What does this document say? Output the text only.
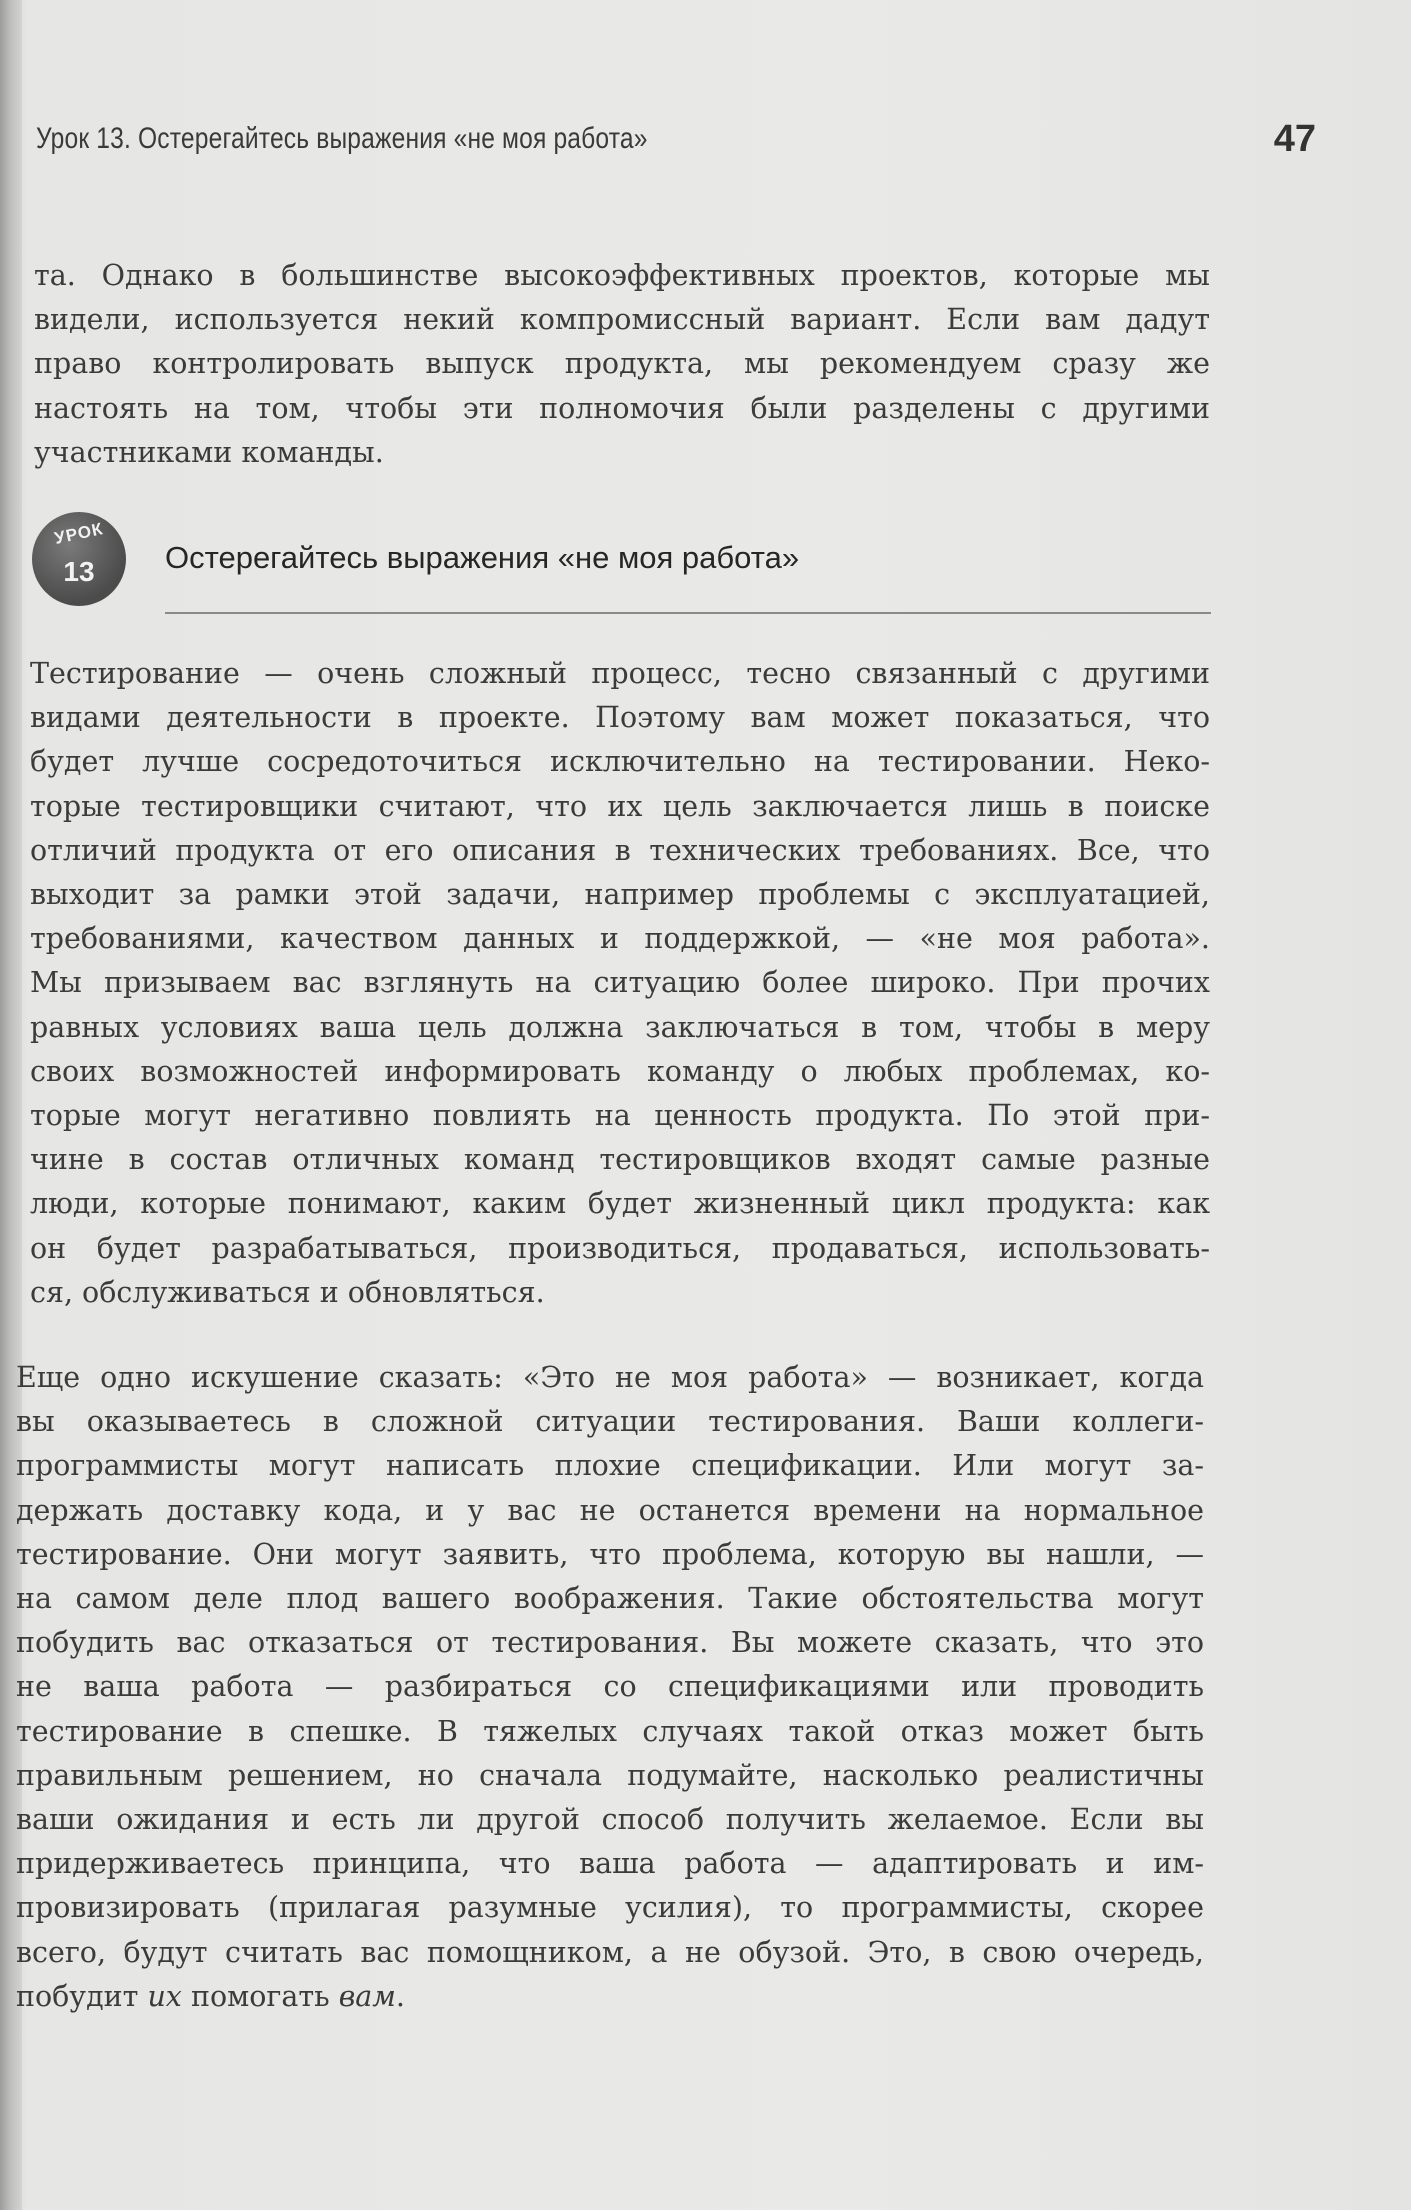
Урок 13. Остерегайтесь выражения «не моя работа»	47
та. Однако в большинстве высокоэффективных проектов, которые мы
видели, используется некий компромиссный вариант. Если вам дадут
право контролировать выпуск продукта, мы рекомендуем сразу же
настоять на том, чтобы эти полномочия были разделены с другими
участниками команды.
УРОК
13	Остерегайтесь выражения «не моя работа»
Тестирование — очень сложный процесс, тесно связанный с другими
видами деятельности в проекте. Поэтому вам может показаться, что
будет лучше сосредоточиться исключительно на тестировании. Неко-
торые тестировщики считают, что их цель заключается лишь в поиске
отличий продукта от его описания в технических требованиях. Все, что
выходит за рамки этой задачи, например проблемы с эксплуатацией,
требованиями, качеством данных и поддержкой, — «не моя работа».
Мы призываем вас взглянуть на ситуацию более широко. При прочих
равных условиях ваша цель должна заключаться в том, чтобы в меру
своих возможностей информировать команду о любых проблемах, ко-
торые могут негативно повлиять на ценность продукта. По этой при-
чине в состав отличных команд тестировщиков входят самые разные
люди, которые понимают, каким будет жизненный цикл продукта: как
он будет разрабатываться, производиться, продаваться, использовать-
ся, обслуживаться и обновляться.
Еще одно искушение сказать: «Это не моя работа» — возникает, когда
вы оказываетесь в сложной ситуации тестирования. Ваши коллеги-
программисты могут написать плохие спецификации. Или могут за-
держать доставку кода, и у вас не останется времени на нормальное
тестирование. Они могут заявить, что проблема, которую вы нашли, —
на самом деле плод вашего воображения. Такие обстоятельства могут
побудить вас отказаться от тестирования. Вы можете сказать, что это
не ваша работа — разбираться со спецификациями или проводить
тестирование в спешке. В тяжелых случаях такой отказ может быть
правильным решением, но сначала подумайте, насколько реалистичны
ваши ожидания и есть ли другой способ получить желаемое. Если вы
придерживаетесь принципа, что ваша работа — адаптировать и им-
провизировать (прилагая разумные усилия), то программисты, скорее
всего, будут считать вас помощником, а не обузой. Это, в свою очередь,
побудит их помогать вам.
